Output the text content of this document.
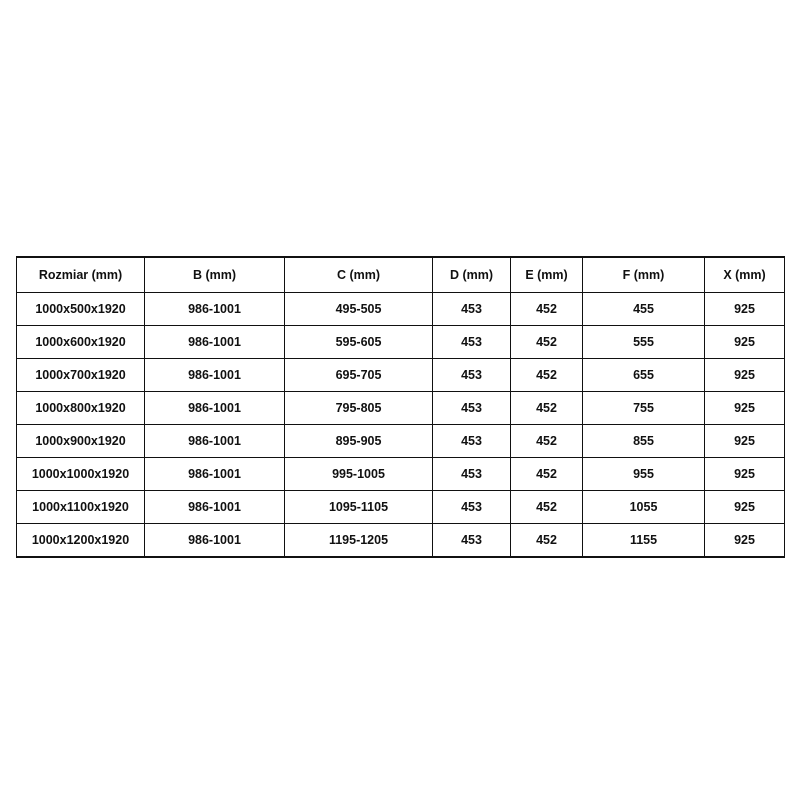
Rozmiar (mm)	B (mm)	C (mm)	D (mm)	E (mm)	F (mm)	X (mm)
1000x500x1920	986-1001	495-505	453	452	455	925
1000x600x1920	986-1001	595-605	453	452	555	925
1000x700x1920	986-1001	695-705	453	452	655	925
1000x800x1920	986-1001	795-805	453	452	755	925
1000x900x1920	986-1001	895-905	453	452	855	925
1000x1000x1920	986-1001	995-1005	453	452	955	925
1000x1100x1920	986-1001	1095-1105	453	452	1055	925
1000x1200x1920	986-1001	1195-1205	453	452	1155	925
